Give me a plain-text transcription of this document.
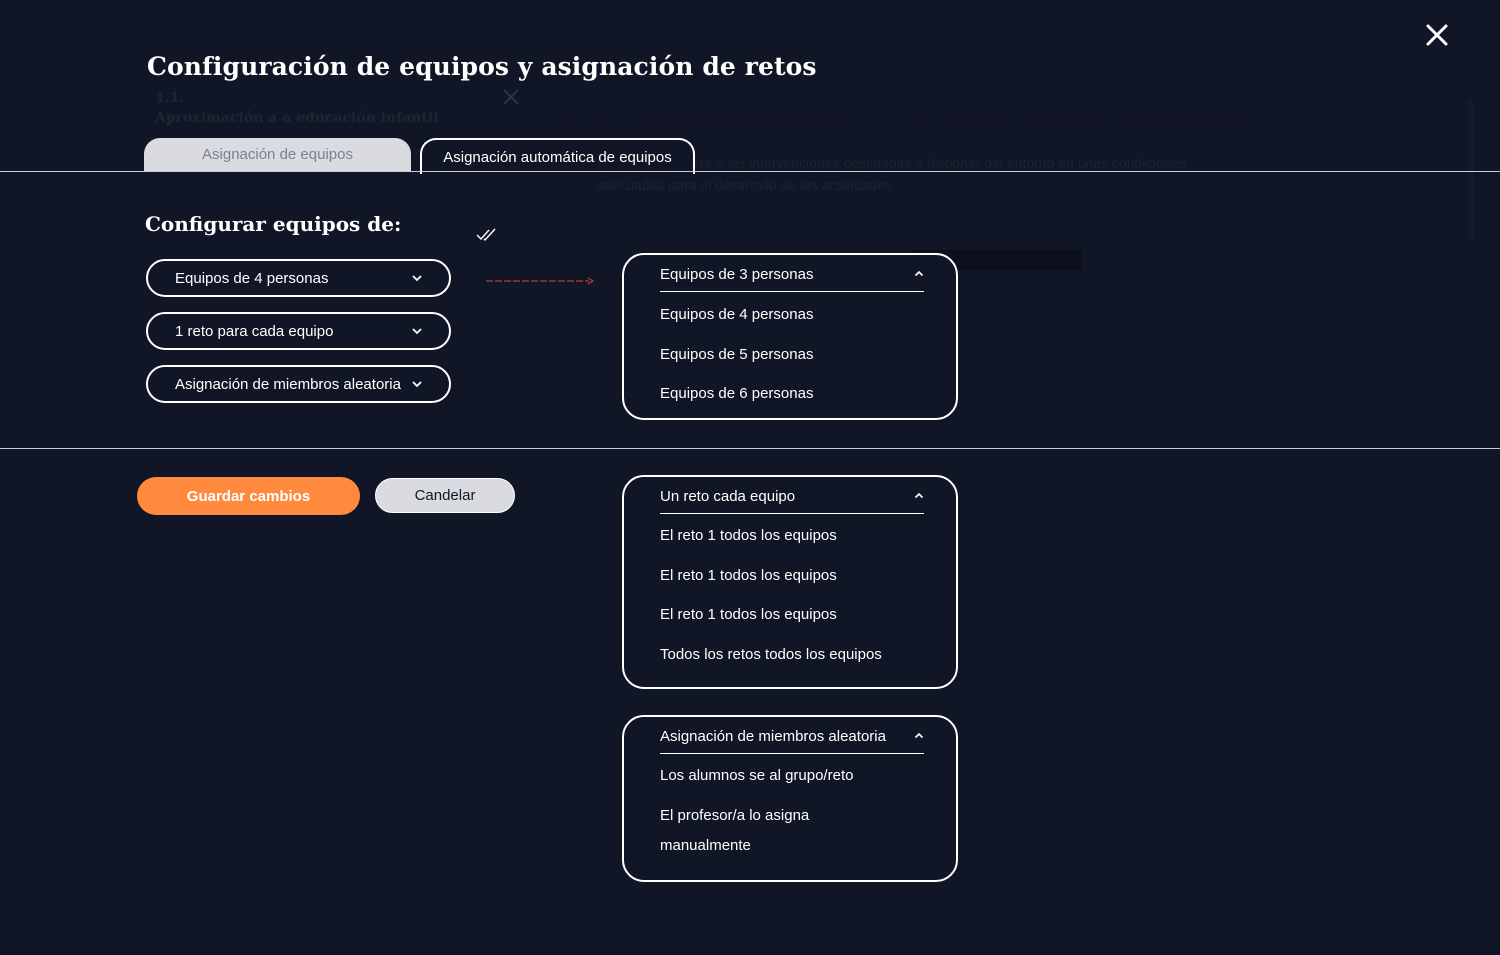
1.1.
Aproximación a a educación infantil	1.1. Aproximación a la educación infantil
...mental se refiere a las intervenciones destinadas a disponer del entorno en unas condiciones adecuadas para el desarrollo de las actividades
Configuración de equipos y asignación de retos
Asignación de equipos	Asignación automática de equipos
Configurar equipos de:
Equipos de 4 personas
1 reto para cada equipo
Asignación de miembros aleatoria
Guardar cambios	Candelar
Equipos de 3 personas
Equipos de 4 personas
Equipos de 5 personas
Equipos de 6 personas
Un reto cada equipo
El reto 1 todos los equipos
El reto 1 todos los equipos
El reto 1 todos los equipos
Todos los retos todos los equipos
Asignación de miembros aleatoria
Los alumnos se al grupo/reto
El profesor/a lo asigna
manualmente
